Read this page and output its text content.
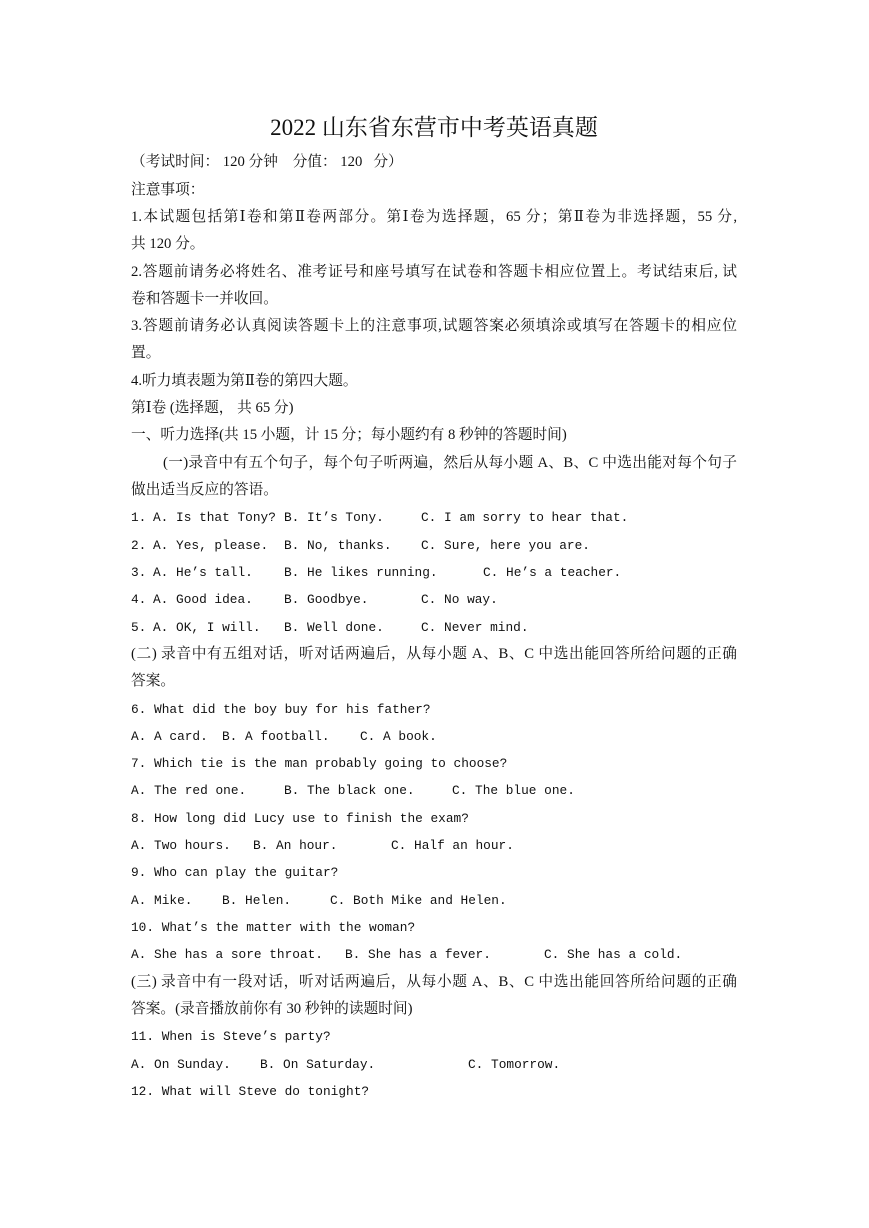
2022 山东省东营市中考英语真题
（考试时间： 120 分钟    分值： 120   分）
注意事项：
1.本试题包括第Ⅰ卷和第Ⅱ卷两部分。第Ⅰ卷为选择题，65 分；第Ⅱ卷为非选择题，55 分,
共 120 分。
2.答题前请务必将姓名、准考证号和座号填写在试卷和答题卡相应位置上。考试结束后, 试
卷和答题卡一并收回。
3.答题前请务必认真阅读答题卡上的注意事项,试题答案必须填涂或填写在答题卡的相应位
置。
4.听力填表题为第Ⅱ卷的第四大题。
第Ⅰ卷 (选择题， 共 65 分)
一、听力选择(共 15 小题，计 15 分；每小题约有 8 秒钟的答题时间)
(一)录音中有五个句子，每个句子听两遍，然后从每小题 A、B、C 中选出能对每个句子
做出适当反应的答语。
1. A. Is that Tony? B. It’s Tony.	C. I am sorry to hear that.
2. A. Yes, please. B. No, thanks. C. Sure, here you are.
3. A. He’s tall. B. He likes running.	C. He’s a teacher.
4. A. Good idea. B. Goodbye.	C. No way.
5. A. OK, I will. B. Well done.	C. Never mind.
(二) 录音中有五组对话，听对话两遍后，从每小题 A、B、C 中选出能回答所给问题的正确
答案。
6. What did the boy buy for his father?
A. A card. B. A football. C. A book.
7. Which tie is the man probably going to choose?
A. The red one.	B. The black one.	C. The blue one.
8. How long did Lucy use to finish the exam?
A. Two hours. B. An hour.	C. Half an hour.
9. Who can play the guitar?
A. Mike. B. Helen.	C. Both Mike and Helen.
10. What’s the matter with the woman?
A. She has a sore throat. B. She has a fever.	C. She has a cold.
(三) 录音中有一段对话，听对话两遍后，从每小题 A、B、C 中选出能回答所给问题的正确
答案。(录音播放前你有 30 秒钟的读题时间)
11. When is Steve’s party?
A. On Sunday. B. On Saturday.	C. Tomorrow.
12. What will Steve do tonight?
